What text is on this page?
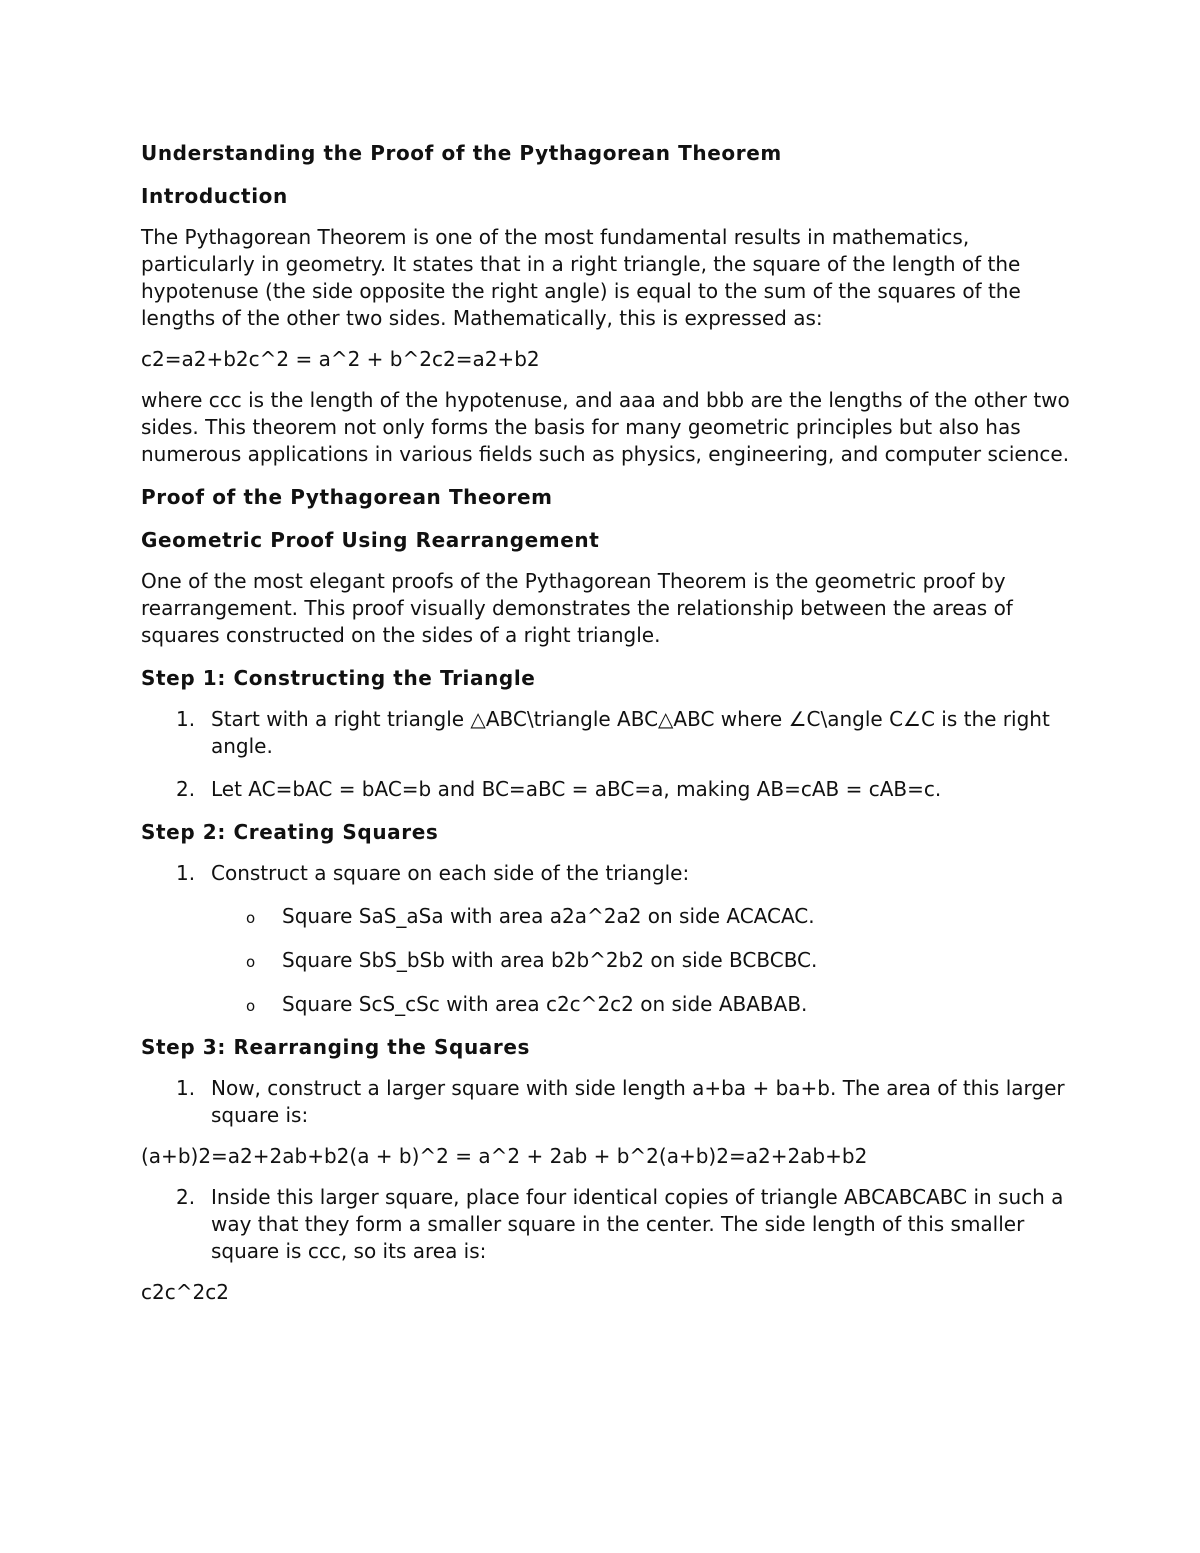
Understanding the Proof of the Pythagorean Theorem
Introduction

The Pythagorean Theorem is one of the most fundamental results in mathematics, particularly in geometry. It states that in a right triangle, the square of the length of the hypotenuse (the side opposite the right angle) is equal to the sum of the squares of the lengths of the other two sides. Mathematically, this is expressed as:

c2=a2+b2c^2 = a^2 + b^2c2=a2+b2

where ccc is the length of the hypotenuse, and aaa and bbb are the lengths of the other two sides. This theorem not only forms the basis for many geometric principles but also has numerous applications in various fields such as physics, engineering, and computer science.

Proof of the Pythagorean Theorem
Geometric Proof Using Rearrangement

One of the most elegant proofs of the Pythagorean Theorem is the geometric proof by rearrangement. This proof visually demonstrates the relationship between the areas of squares constructed on the sides of a right triangle.

Step 1: Constructing the Triangle
1. Start with a right triangle △ABC\triangle ABC△ABC where ∠C\angle C∠C is the right angle.
2. Let AC=bAC = bAC=b and BC=aBC = aBC=a, making AB=cAB = cAB=c.
Step 2: Creating Squares
1. Construct a square on each side of the triangle:
o Square SaS_aSa with area a2a^2a2 on side ACACAC.
o Square SbS_bSb with area b2b^2b2 on side BCBCBC.
o Square ScS_cSc with area c2c^2c2 on side ABABAB.
Step 3: Rearranging the Squares
1. Now, construct a larger square with side length a+ba + ba+b. The area of this larger square is:
(a+b)2=a2+2ab+b2(a + b)^2 = a^2 + 2ab + b^2(a+b)2=a2+2ab+b2
2. Inside this larger square, place four identical copies of triangle ABCABCABC in such a way that they form a smaller square in the center. The side length of this smaller square is ccc, so its area is:
c2c^2c2
